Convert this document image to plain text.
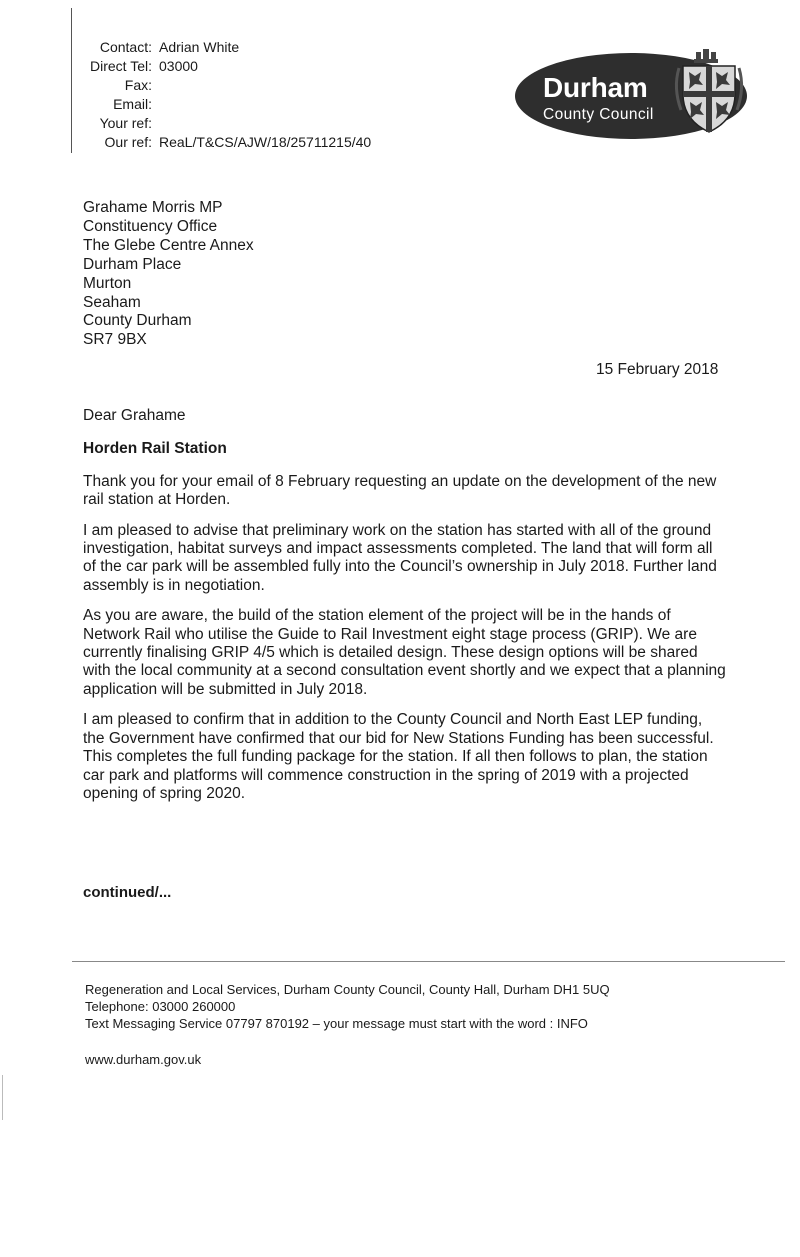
Contact: Adrian White
Direct Tel: 03000
Fax:
Email:
Your ref:
Our ref: ReaL/T&CS/AJW/18/25711215/40
Durham
County Council
Grahame Morris MP
Constituency Office
The Glebe Centre Annex
Durham Place
Murton
Seaham
County Durham
SR7 9BX
15 February 2018

Dear Grahame

Horden Rail Station

Thank you for your email of 8 February requesting an update on the development of the new rail station at Horden.

I am pleased to advise that preliminary work on the station has started with all of the ground investigation, habitat surveys and impact assessments completed. The land that will form all of the car park will be assembled fully into the Council’s ownership in July 2018. Further land assembly is in negotiation.

As you are aware, the build of the station element of the project will be in the hands of Network Rail who utilise the Guide to Rail Investment eight stage process (GRIP). We are currently finalising GRIP 4/5 which is detailed design. These design options will be shared with the local community at a second consultation event shortly and we expect that a planning application will be submitted in July 2018.

I am pleased to confirm that in addition to the County Council and North East LEP funding, the Government have confirmed that our bid for New Stations Funding has been successful. This completes the full funding package for the station. If all then follows to plan, the station car park and platforms will commence construction in the spring of 2019 with a projected opening of spring 2020.

continued/...
Regeneration and Local Services, Durham County Council, County Hall, Durham DH1 5UQ
Telephone: 03000 260000
Text Messaging Service 07797 870192 – your message must start with the word : INFO
www.durham.gov.uk
